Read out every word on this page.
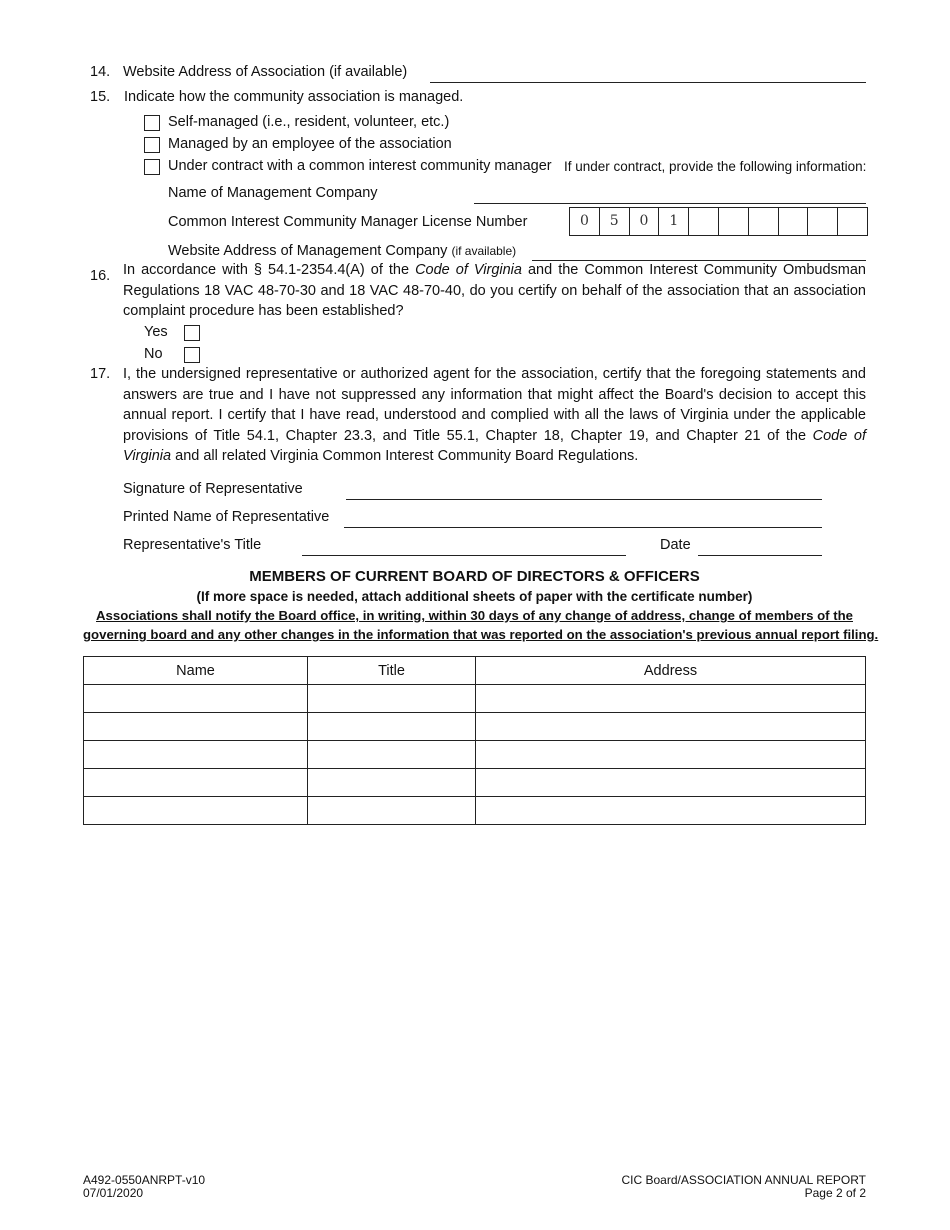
14. Website Address of Association (if available)
15. Indicate how the community association is managed.
Self-managed (i.e., resident, volunteer, etc.)
Managed by an employee of the association
Under contract with a common interest community manager If under contract, provide the following information:
Name of Management Company
Common Interest Community Manager License Number	0	5	0	1
Website Address of Management Company (if available)
16. In accordance with § 54.1-2354.4(A) of the Code of Virginia and the Common Interest Community Ombudsman Regulations 18 VAC 48-70-30 and 18 VAC 48-70-40, do you certify on behalf of the association that an association complaint procedure has been established?
Yes
No
17. I, the undersigned representative or authorized agent for the association, certify that the foregoing statements and answers are true and I have not suppressed any information that might affect the Board's decision to accept this annual report. I certify that I have read, understood and complied with all the laws of Virginia under the applicable provisions of Title 54.1, Chapter 23.3, and Title 55.1, Chapter 18, Chapter 19, and Chapter 21 of the Code of Virginia and all related Virginia Common Interest Community Board Regulations.
Signature of Representative
Printed Name of Representative
Representative's Title	Date
MEMBERS OF CURRENT BOARD OF DIRECTORS & OFFICERS
(If more space is needed, attach additional sheets of paper with the certificate number)
Associations shall notify the Board office, in writing, within 30 days of any change of address, change of members of the
governing board and any other changes in the information that was reported on the association's previous annual report filing.
Name	Title	Address

A492-0550ANRPT-v10
07/01/2020
CIC Board/ASSOCIATION ANNUAL REPORT
Page 2 of 2
